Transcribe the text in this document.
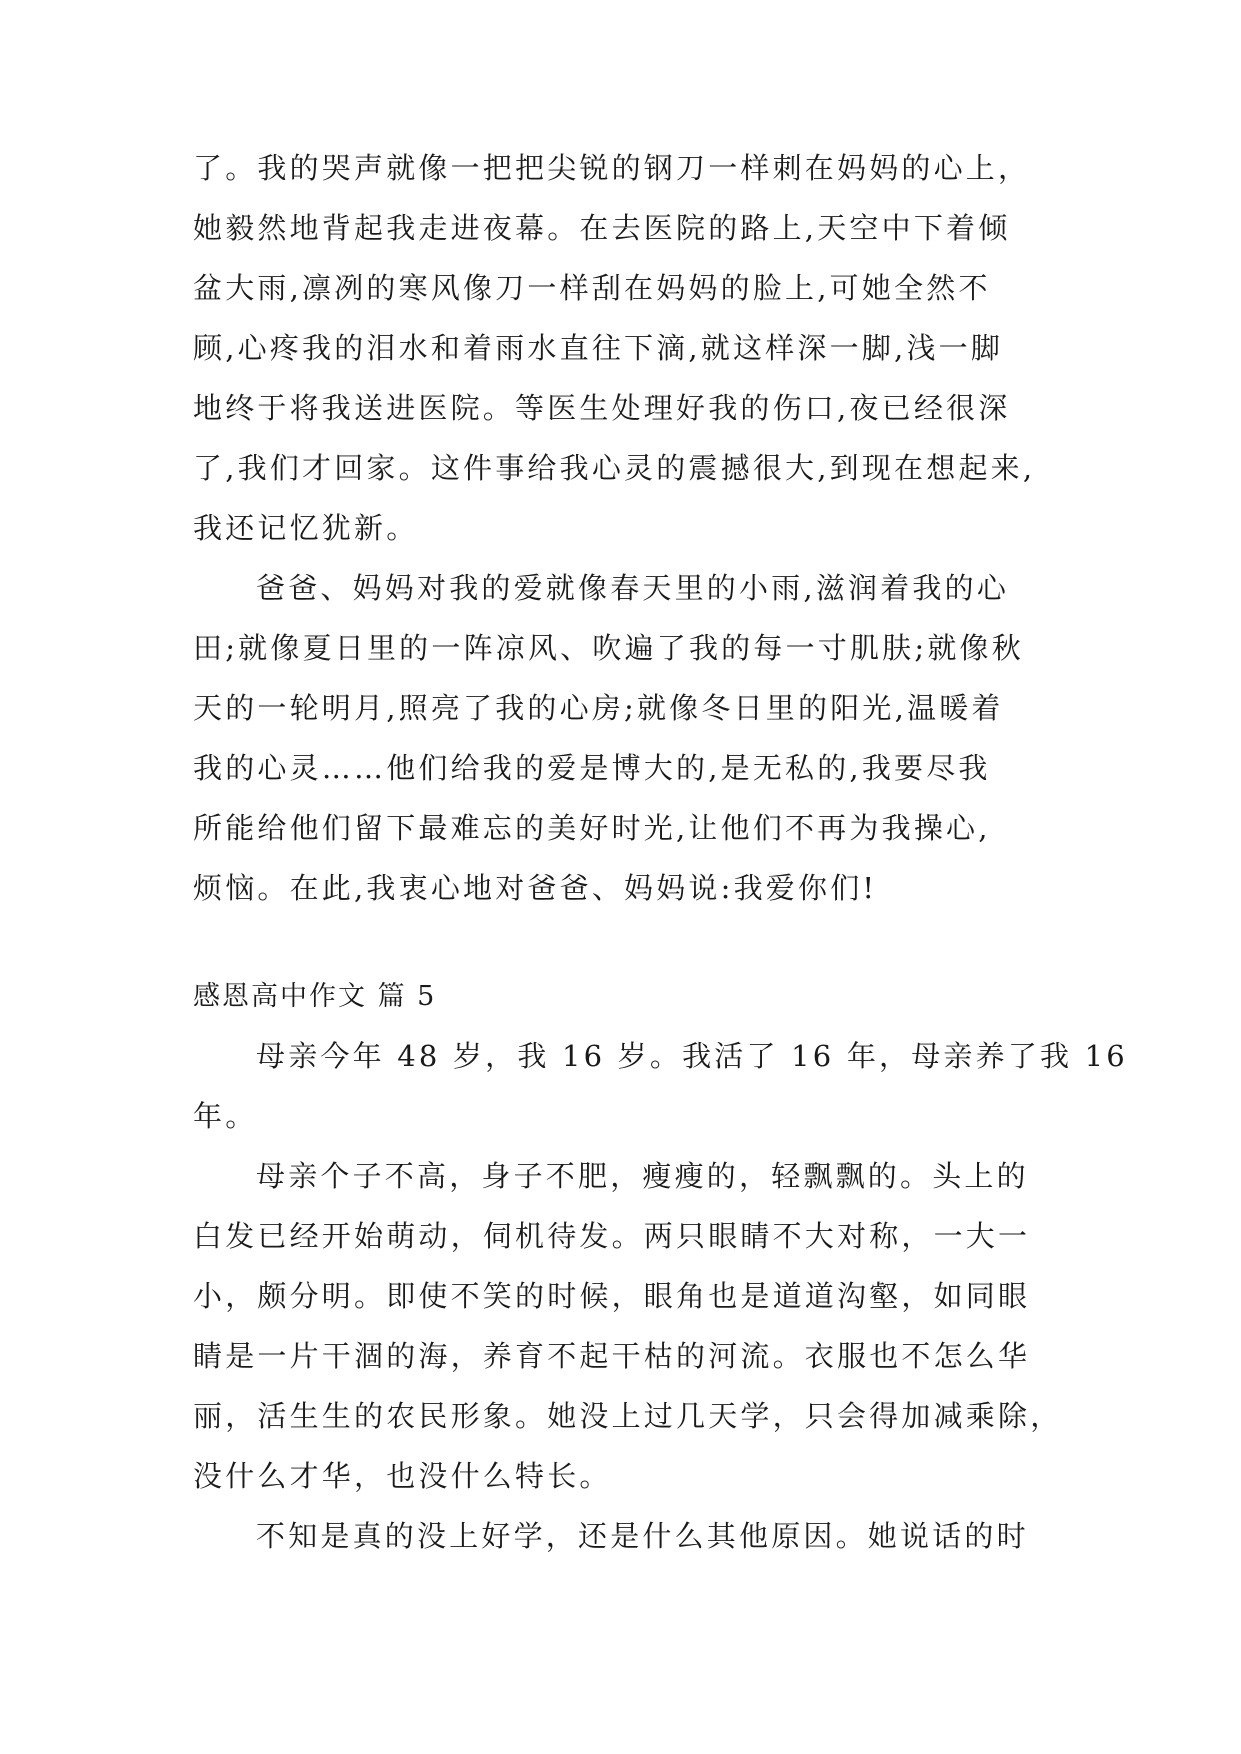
了。我的哭声就像一把把尖锐的钢刀一样刺在妈妈的心上，
她毅然地背起我走进夜幕。在去医院的路上,天空中下着倾
盆大雨,凛冽的寒风像刀一样刮在妈妈的脸上,可她全然不
顾,心疼我的泪水和着雨水直往下滴,就这样深一脚,浅一脚
地终于将我送进医院。等医生处理好我的伤口,夜已经很深
了,我们才回家。这件事给我心灵的震撼很大,到现在想起来,
我还记忆犹新。
爸爸、妈妈对我的爱就像春天里的小雨,滋润着我的心
田;就像夏日里的一阵凉风、吹遍了我的每一寸肌肤;就像秋
天的一轮明月,照亮了我的心房;就像冬日里的阳光,温暖着
我的心灵……他们给我的爱是博大的,是无私的,我要尽我
所能给他们留下最难忘的美好时光,让他们不再为我操心,
烦恼。在此,我衷心地对爸爸、妈妈说:我爱你们!
感恩高中作文 篇 5
母亲今年 48 岁，我 16 岁。我活了 16 年，母亲养了我 16
年。
母亲个子不高，身子不肥，瘦瘦的，轻飘飘的。头上的
白发已经开始萌动，伺机待发。两只眼睛不大对称，一大一
小，颇分明。即使不笑的时候，眼角也是道道沟壑，如同眼
睛是一片干涸的海，养育不起干枯的河流。衣服也不怎么华
丽，活生生的农民形象。她没上过几天学，只会得加减乘除，
没什么才华，也没什么特长。
不知是真的没上好学，还是什么其他原因。她说话的时
